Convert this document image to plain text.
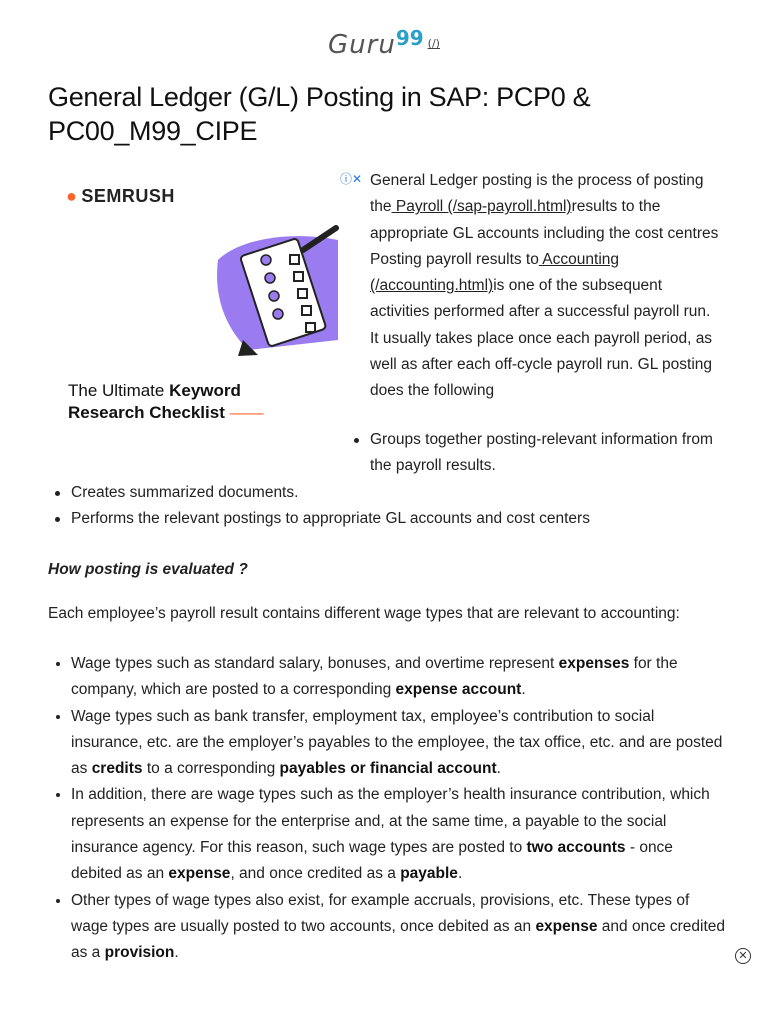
Guru99 (/)
General Ledger (G/L) Posting in SAP: PCP0 & PC00_M99_CIPE
ⓘ✕
● SEMRUSH
The Ultimate Keyword
Research Checklist ——
General Ledger posting is the process of posting the Payroll (/sap-payroll.html)results to the appropriate GL accounts including the cost centres Posting payroll results to Accounting (/accounting.html)is one of the subsequent activities performed after a successful payroll run. It usually takes place once each payroll period, as well as after each off-cycle payroll run. GL posting does the following
Groups together posting-relevant information from the payroll results.
Creates summarized documents.
Performs the relevant postings to appropriate GL accounts and cost centers
How posting is evaluated ?
Each employee’s payroll result contains different wage types that are relevant to accounting:
• Wage types such as standard salary, bonuses, and overtime represent expenses for the company, which are posted to a corresponding expense account.
• Wage types such as bank transfer, employment tax, employee’s contribution to social insurance, etc. are the employer’s payables to the employee, the tax office, etc. and are posted as credits to a corresponding payables or financial account.
• In addition, there are wage types such as the employer’s health insurance contribution, which represents an expense for the enterprise and, at the same time, a payable to the social insurance agency. For this reason, such wage types are posted to two accounts - once debited as an expense, and once credited as a payable.
• Other types of wage types also exist, for example accruals, provisions, etc. These types of wage types are usually posted to two accounts, once debited as an expense and once credited as a provision.	✕
